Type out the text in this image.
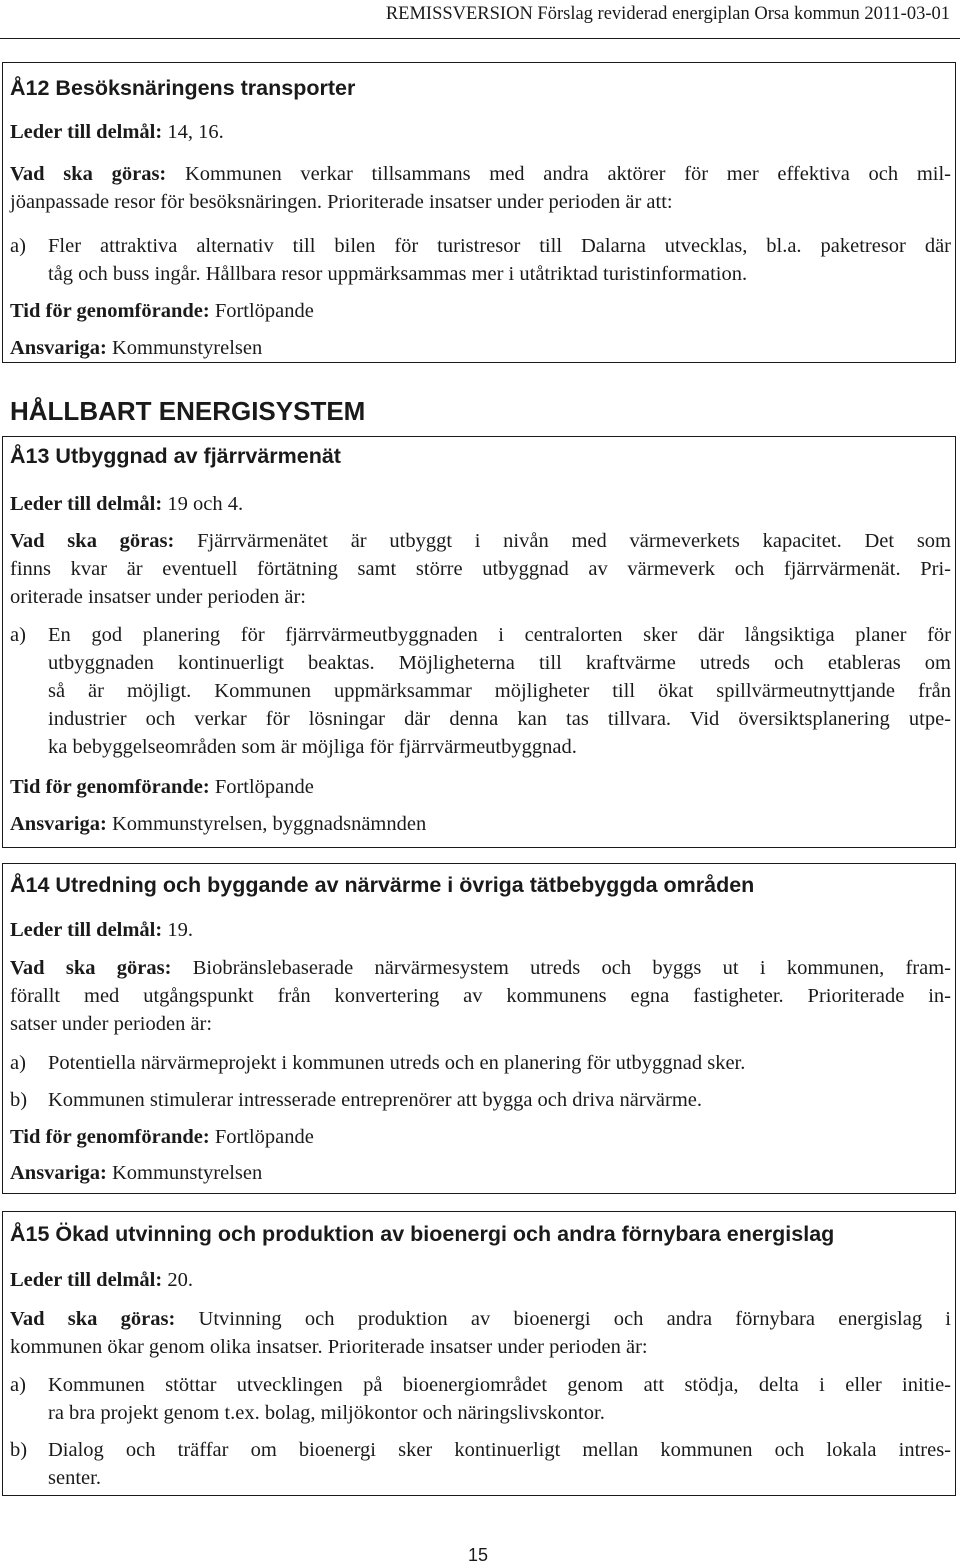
REMISSVERSION Förslag reviderad energiplan Orsa kommun 2011-03-01
Å12 Besöksnäringens transporter
Leder till delmål: 14, 16.
Vad ska göras: Kommunen verkar tillsammans med andra aktörer för mer effektiva och mil-
jöanpassade resor för besöksnäringen. Prioriterade insatser under perioden är att:
a) Fler attraktiva alternativ till bilen för turistresor till Dalarna utvecklas, bl.a. paketresor där
tåg och buss ingår. Hållbara resor uppmärksammas mer i utåtriktad turistinformation.
Tid för genomförande: Fortlöpande
Ansvariga: Kommunstyrelsen
HÅLLBART ENERGISYSTEM
Å13 Utbyggnad av fjärrvärmenät
Leder till delmål: 19 och 4.
Vad ska göras: Fjärrvärmenätet är utbyggt i nivån med värmeverkets kapacitet. Det som
finns kvar är eventuell förtätning samt större utbyggnad av värmeverk och fjärrvärmenät. Pri-
oriterade insatser under perioden är:
a) En god planering för fjärrvärmeutbyggnaden i centralorten sker där långsiktiga planer för
utbyggnaden kontinuerligt beaktas. Möjligheterna till kraftvärme utreds och etableras om
så är möjligt. Kommunen uppmärksammar möjligheter till ökat spillvärmeutnyttjande från
industrier och verkar för lösningar där denna kan tas tillvara. Vid översiktsplanering utpe-
ka bebyggelseområden som är möjliga för fjärrvärmeutbyggnad.
Tid för genomförande: Fortlöpande
Ansvariga: Kommunstyrelsen, byggnadsnämnden
Å14 Utredning och byggande av närvärme i övriga tätbebyggda områden
Leder till delmål: 19.
Vad ska göras: Biobränslebaserade närvärmesystem utreds och byggs ut i kommunen, fram-
förallt med utgångspunkt från konvertering av kommunens egna fastigheter. Prioriterade in-
satser under perioden är:
a) Potentiella närvärmeprojekt i kommunen utreds och en planering för utbyggnad sker.
b) Kommunen stimulerar intresserade entreprenörer att bygga och driva närvärme.
Tid för genomförande: Fortlöpande
Ansvariga: Kommunstyrelsen
Å15 Ökad utvinning och produktion av bioenergi och andra förnybara energislag
Leder till delmål: 20.
Vad ska göras: Utvinning och produktion av bioenergi och andra förnybara energislag i
kommunen ökar genom olika insatser. Prioriterade insatser under perioden är:
a) Kommunen stöttar utvecklingen på bioenergiområdet genom att stödja, delta i eller initie-
ra bra projekt genom t.ex. bolag, miljökontor och näringslivskontor.
b) Dialog och träffar om bioenergi sker kontinuerligt mellan kommunen och lokala intres-
senter.
15
